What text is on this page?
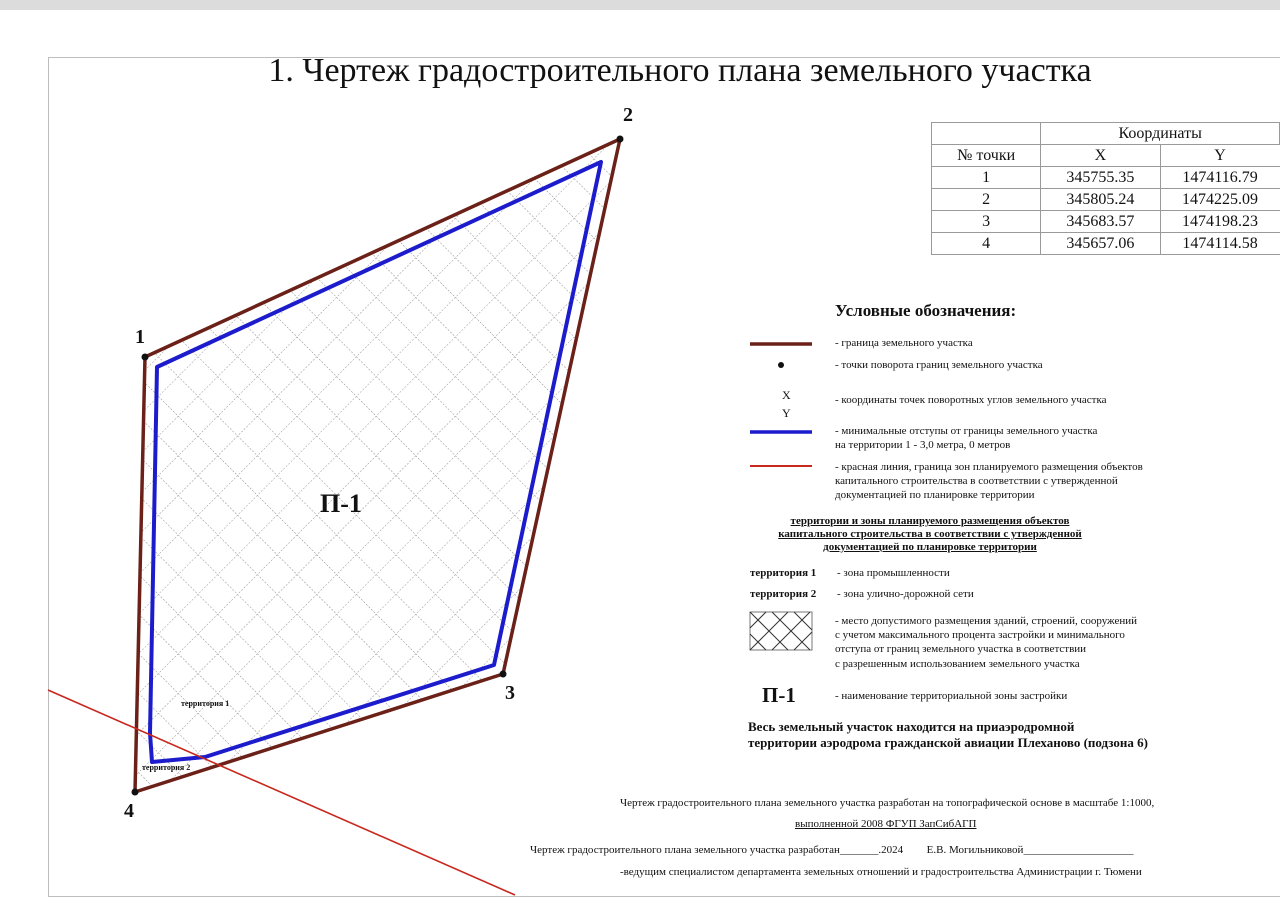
1. Чертеж градостроительного плана земельного участка
1
2
3
4
П-1
территория 1
территория 2
	Координаты	
№ точки	X	Y
1	345755.35	1474116.79
2	345805.24	1474225.09
3	345683.57	1474198.23
4	345657.06	1474114.58
Условные обозначения:
- граница земельного участка
- точки поворота границ земельного участка
X
Y
- координаты точек поворотных углов земельного участка
- минимальные отступы от границы земельного участка
на территории 1 - 3,0 метра, 0 метров
- красная линия, граница зон планируемого размещения объектов
капитального строительства в соответствии с утвержденной
документацией по планировке территории
территории и зоны планируемого размещения объектов
капитального строительства в соответствии с утвержденной
документацией по планировке территории
территория 1 - зона промышленности
территория 2 - зона улично-дорожной сети
- место допустимого размещения зданий, строений, сооружений
с учетом максимального процента застройки и минимального
отступа от границ земельного участка в соответствии
с разрешенным использованием земельного участка
П-1	- наименование территориальной зоны застройки
Весь земельный участок находится на приаэродромной
территории аэродрома гражданской авиации Плеханово (подзона 6)
Чертеж градостроительного плана земельного участка разработан на топографической основе в масштабе 1:1000,
выполненной 2008 ФГУП ЗапСибАГП
Чертеж градостроительного плана земельного участка разработан_______.2024 Е.В. Могильниковой____________________
-ведущим специалистом департамента земельных отношений и градостроительства Администрации г. Тюмени
